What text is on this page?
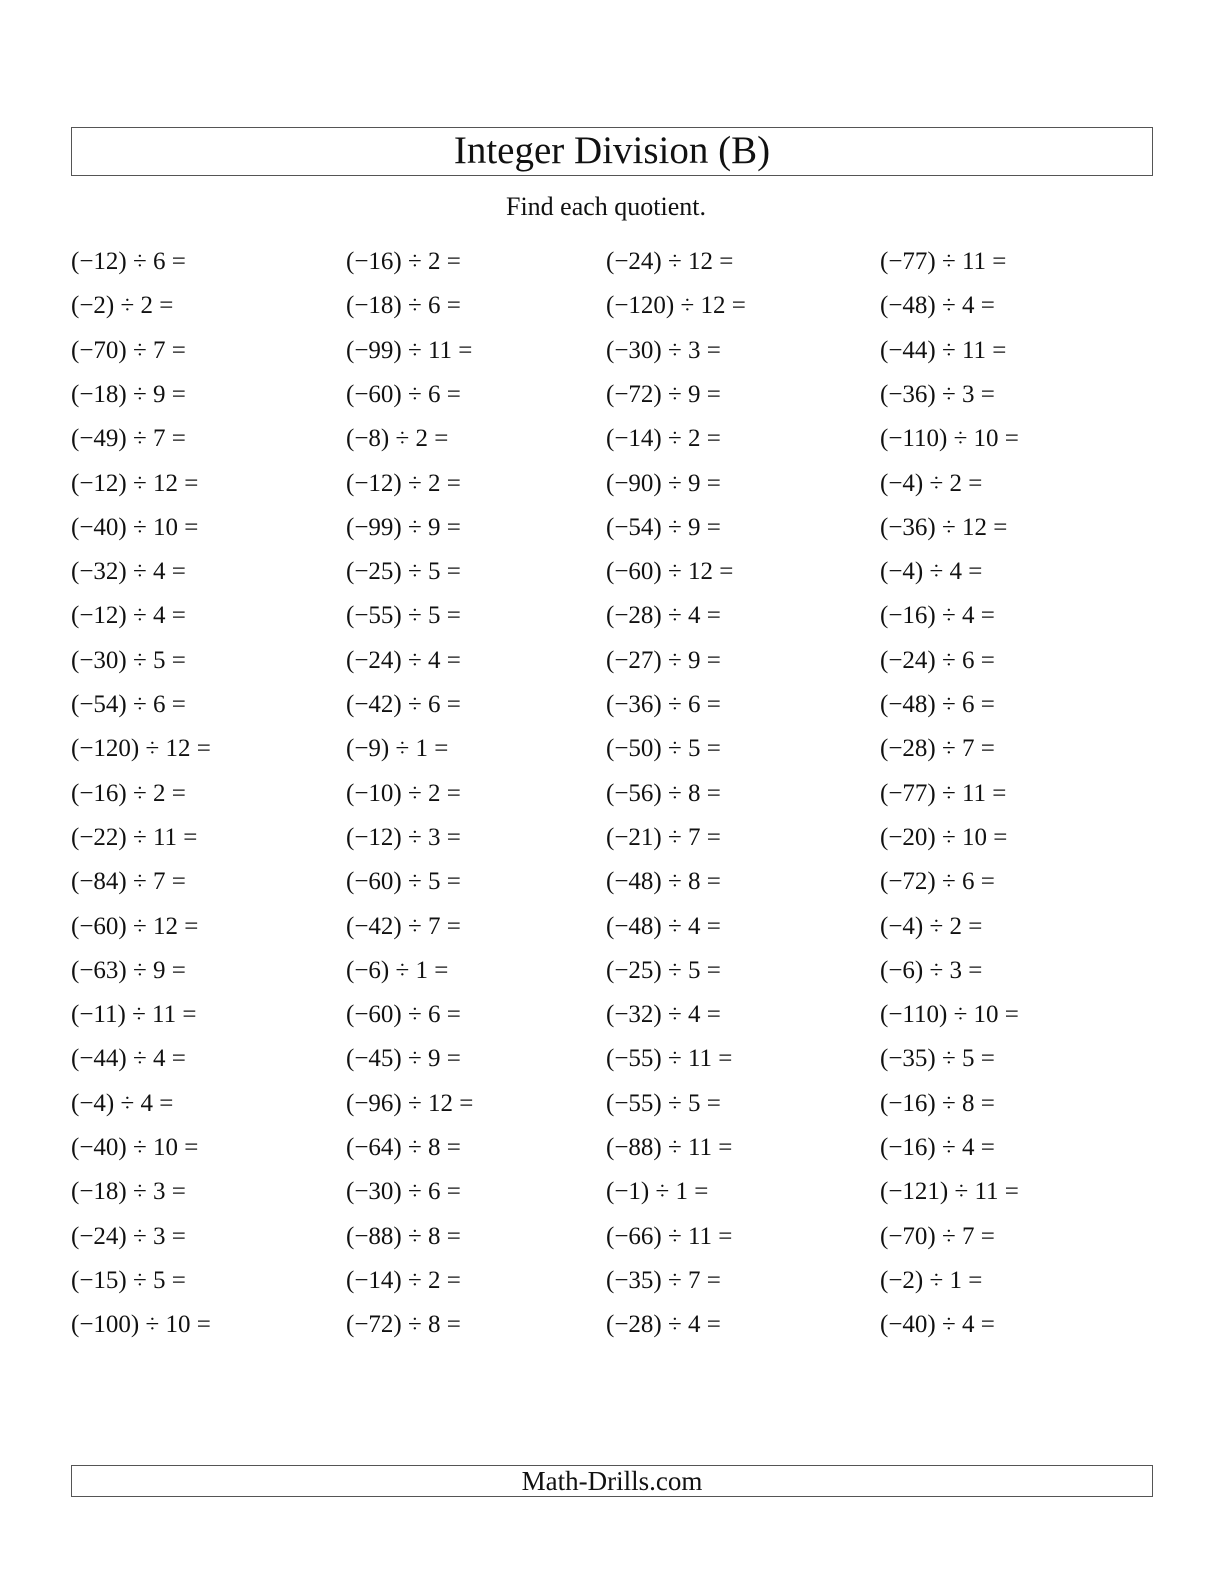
Integer Division (B)
Find each quotient.
(−12) ÷ 6 =
(−2) ÷ 2 =
(−70) ÷ 7 =
(−18) ÷ 9 =
(−49) ÷ 7 =
(−12) ÷ 12 =
(−40) ÷ 10 =
(−32) ÷ 4 =
(−12) ÷ 4 =
(−30) ÷ 5 =
(−54) ÷ 6 =
(−120) ÷ 12 =
(−16) ÷ 2 =
(−22) ÷ 11 =
(−84) ÷ 7 =
(−60) ÷ 12 =
(−63) ÷ 9 =
(−11) ÷ 11 =
(−44) ÷ 4 =
(−4) ÷ 4 =
(−40) ÷ 10 =
(−18) ÷ 3 =
(−24) ÷ 3 =
(−15) ÷ 5 =
(−100) ÷ 10 =
(−16) ÷ 2 =
(−18) ÷ 6 =
(−99) ÷ 11 =
(−60) ÷ 6 =
(−8) ÷ 2 =
(−12) ÷ 2 =
(−99) ÷ 9 =
(−25) ÷ 5 =
(−55) ÷ 5 =
(−24) ÷ 4 =
(−42) ÷ 6 =
(−9) ÷ 1 =
(−10) ÷ 2 =
(−12) ÷ 3 =
(−60) ÷ 5 =
(−42) ÷ 7 =
(−6) ÷ 1 =
(−60) ÷ 6 =
(−45) ÷ 9 =
(−96) ÷ 12 =
(−64) ÷ 8 =
(−30) ÷ 6 =
(−88) ÷ 8 =
(−14) ÷ 2 =
(−72) ÷ 8 =
(−24) ÷ 12 =
(−120) ÷ 12 =
(−30) ÷ 3 =
(−72) ÷ 9 =
(−14) ÷ 2 =
(−90) ÷ 9 =
(−54) ÷ 9 =
(−60) ÷ 12 =
(−28) ÷ 4 =
(−27) ÷ 9 =
(−36) ÷ 6 =
(−50) ÷ 5 =
(−56) ÷ 8 =
(−21) ÷ 7 =
(−48) ÷ 8 =
(−48) ÷ 4 =
(−25) ÷ 5 =
(−32) ÷ 4 =
(−55) ÷ 11 =
(−55) ÷ 5 =
(−88) ÷ 11 =
(−1) ÷ 1 =
(−66) ÷ 11 =
(−35) ÷ 7 =
(−28) ÷ 4 =
(−77) ÷ 11 =
(−48) ÷ 4 =
(−44) ÷ 11 =
(−36) ÷ 3 =
(−110) ÷ 10 =
(−4) ÷ 2 =
(−36) ÷ 12 =
(−4) ÷ 4 =
(−16) ÷ 4 =
(−24) ÷ 6 =
(−48) ÷ 6 =
(−28) ÷ 7 =
(−77) ÷ 11 =
(−20) ÷ 10 =
(−72) ÷ 6 =
(−4) ÷ 2 =
(−6) ÷ 3 =
(−110) ÷ 10 =
(−35) ÷ 5 =
(−16) ÷ 8 =
(−16) ÷ 4 =
(−121) ÷ 11 =
(−70) ÷ 7 =
(−2) ÷ 1 =
(−40) ÷ 4 =
Math-Drills.com
